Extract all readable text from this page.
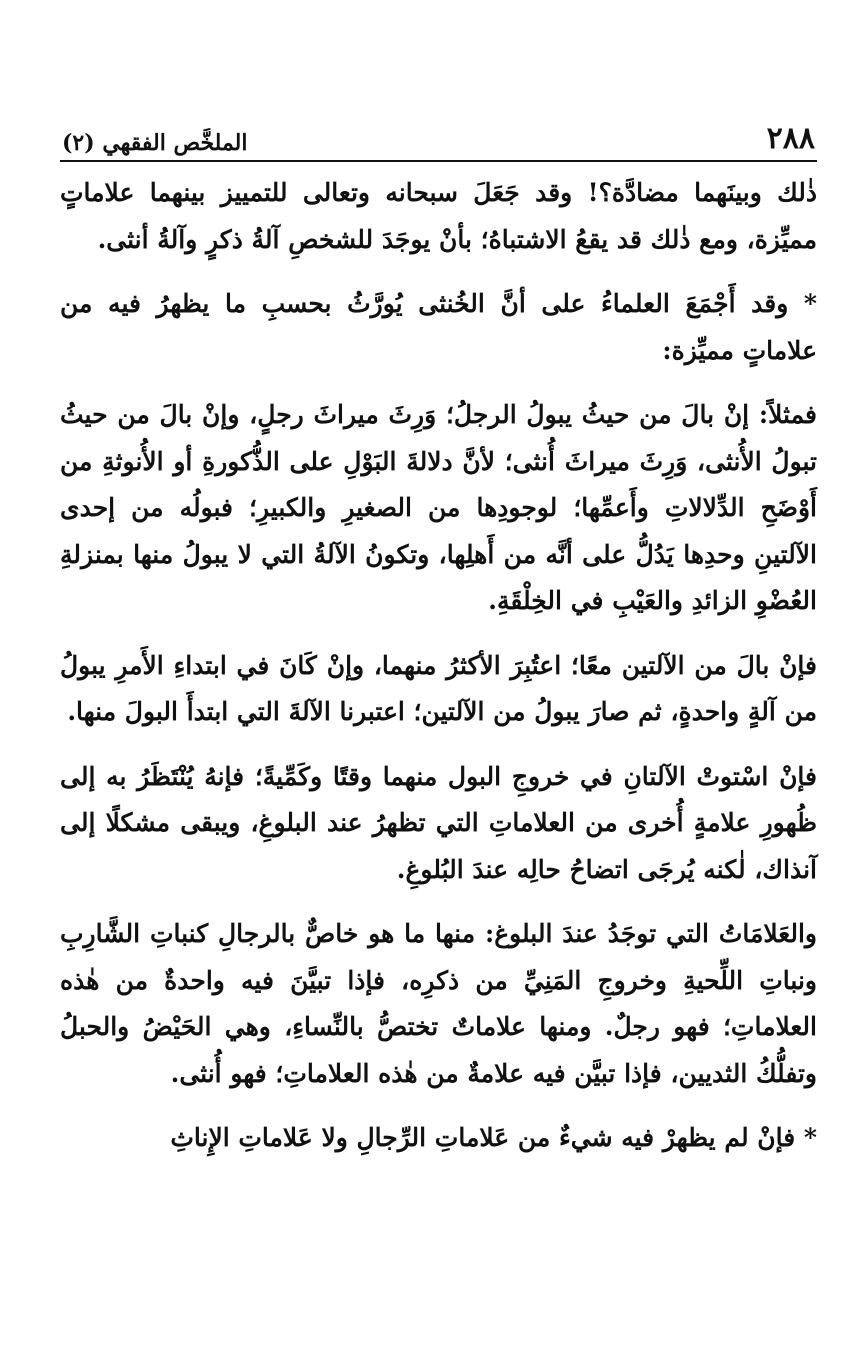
٢٨٨
الملخَّص الفقهي (٢)

ذٰلك وبينَهما مضادَّة؟! وقد جَعَلَ سبحانه وتعالى للتمييز بينهما علاماتٍ مميِّزة، ومع ذٰلك قد يقعُ الاشتباهُ؛ بأنْ يوجَدَ للشخصِ آلةُ ذكرٍ وآلةُ أنثى.

* وقد أَجْمَعَ العلماءُ على أنَّ الخُنثى يُورَّثُ بحسبِ ما يظهرُ فيه من علاماتٍ مميِّزة:

فمثلاً: إنْ بالَ من حيثُ يبولُ الرجلُ؛ وَرِثَ ميراثَ رجلٍ، وإنْ بالَ من حيثُ تبولُ الأُنثى، وَرِثَ ميراثَ أُنثى؛ لأنَّ دلالةَ البَوْلِ على الذُّكورةِ أو الأُنوثةِ من أَوْضَحِ الدِّلالاتِ وأَعمِّها؛ لوجودِها من الصغيرِ والكبيرِ؛ فبولُه من إحدى الآلتينِ وحدِها يَدُلُّ على أنَّه من أَهلِها، وتكونُ الآلةُ التي لا يبولُ منها بمنزلةِ العُضْوِ الزائدِ والعَيْبِ في الخِلْقَةِ.

فإنْ بالَ من الآلتين معًا؛ اعتُبِرَ الأكثرُ منهما، وإنْ كَانَ في ابتداءِ الأَمرِ يبولُ من آلةٍ واحدةٍ، ثم صارَ يبولُ من الآلتين؛ اعتبرنا الآلةَ التي ابتدأَ البولَ منها.

فإنْ اسْتوتْ الآلتانِ في خروجِ البول منهما وقتًا وكَمِّيةً؛ فإنهُ يُنْتَظَرُ به إلى ظُهورِ علامةٍ أُخرى من العلاماتِ التي تظهرُ عند البلوغِ، ويبقى مشكلًا إلى آنذاك، لٰكنه يُرجَى اتضاحُ حالِه عندَ البُلوغِ.

والعَلامَاتُ التي توجَدُ عندَ البلوغ: منها ما هو خاصٌّ بالرجالِ كنباتِ الشَّارِبِ ونباتِ اللِّحيةِ وخروجِ المَنِيِّ من ذكرِه، فإذا تبيَّنَ فيه واحدةٌ من هٰذه العلاماتِ؛ فهو رجلٌ. ومنها علاماتٌ تختصُّ بالنِّساءِ، وهي الحَيْضُ والحبلُ وتفلُّكُ الثديين، فإذا تبيَّن فيه علامةٌ من هٰذه العلاماتِ؛ فهو أُنثى.

* فإنْ لم يظهرْ فيه شيءٌ من عَلاماتِ الرِّجالِ ولا عَلاماتِ الإِناثِ
